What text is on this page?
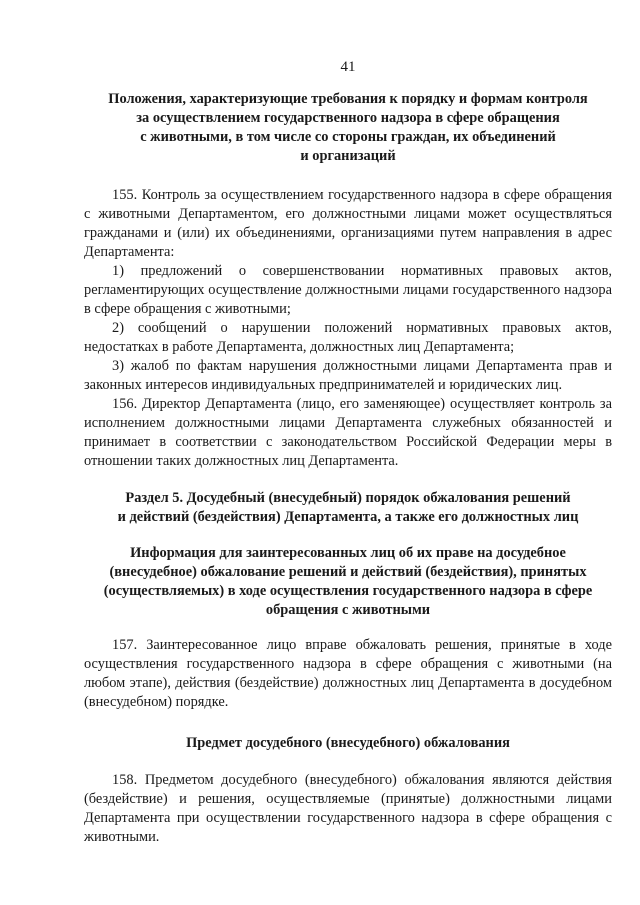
41
Положения, характеризующие требования к порядку и формам контроля
за осуществлением государственного надзора в сфере обращения
с животными, в том числе со стороны граждан, их объединений
и организаций

155. Контроль за осуществлением государственного надзора в сфере обращения с животными Департаментом, его должностными лицами может осуществляться гражданами и (или) их объединениями, организациями путем направления в адрес Департамента:

1) предложений о совершенствовании нормативных правовых актов, регламентирующих осуществление должностными лицами государственного надзора в сфере обращения с животными;

2) сообщений о нарушении положений нормативных правовых актов, недостатках в работе Департамента, должностных лиц Департамента;

3) жалоб по фактам нарушения должностными лицами Департамента прав и законных интересов индивидуальных предпринимателей и юридических лиц.

156. Директор Департамента (лицо, его заменяющее) осуществляет контроль за исполнением должностными лицами Департамента служебных обязанностей и принимает в соответствии с законодательством Российской Федерации меры в отношении таких должностных лиц Департамента.

Раздел 5. Досудебный (внесудебный) порядок обжалования решений
и действий (бездействия) Департамента, а также его должностных лиц
Информация для заинтересованных лиц об их праве на досудебное
(внесудебное) обжалование решений и действий (бездействия), принятых
(осуществляемых) в ходе осуществления государственного надзора в сфере
обращения с животными

157. Заинтересованное лицо вправе обжаловать решения, принятые в ходе осуществления государственного надзора в сфере обращения с животными (на любом этапе), действия (бездействие) должностных лиц Департамента в досудебном (внесудебном) порядке.

Предмет досудебного (внесудебного) обжалования

158. Предметом досудебного (внесудебного) обжалования являются действия (бездействие) и решения, осуществляемые (принятые) должностными лицами Департамента при осуществлении государственного надзора в сфере обращения с животными.
